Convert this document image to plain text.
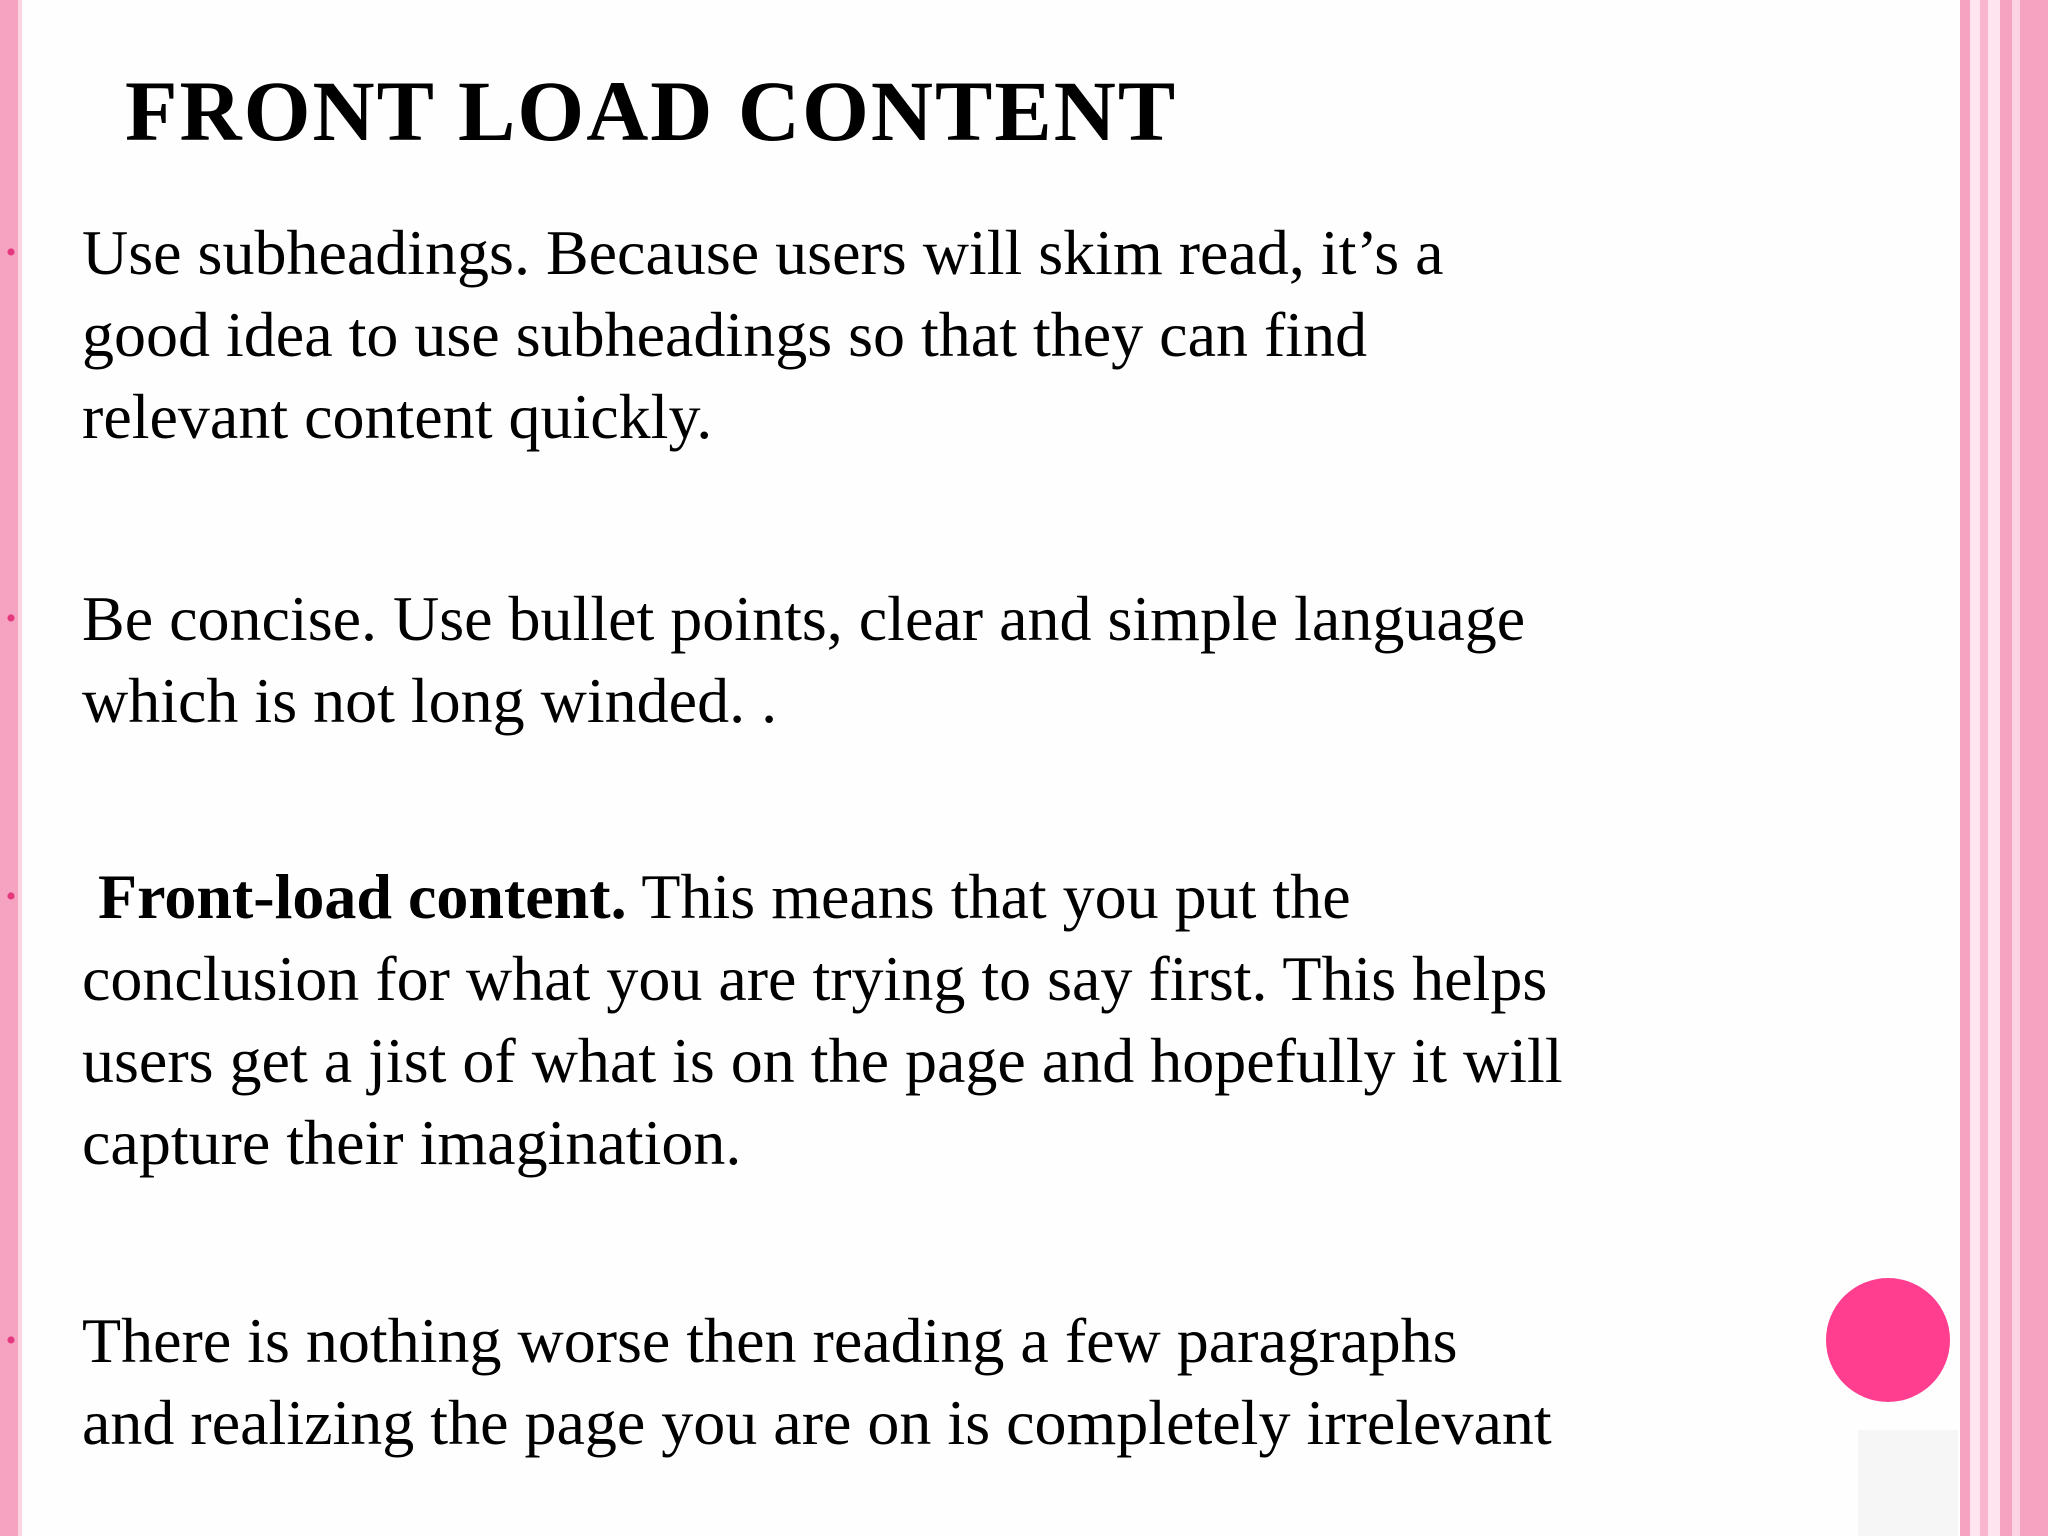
FRONT LOAD CONTENT
• Use subheadings. Because users will skim read, it’s a
good idea to use subheadings so that they can find
relevant content quickly.
• Be concise. Use bullet points, clear and simple language
which is not long winded. .
• Front-load content. This means that you put the
conclusion for what you are trying to say first. This helps
users get a jist of what is on the page and hopefully it will
capture their imagination.
• There is nothing worse then reading a few paragraphs
and realizing the page you are on is completely irrelevant
